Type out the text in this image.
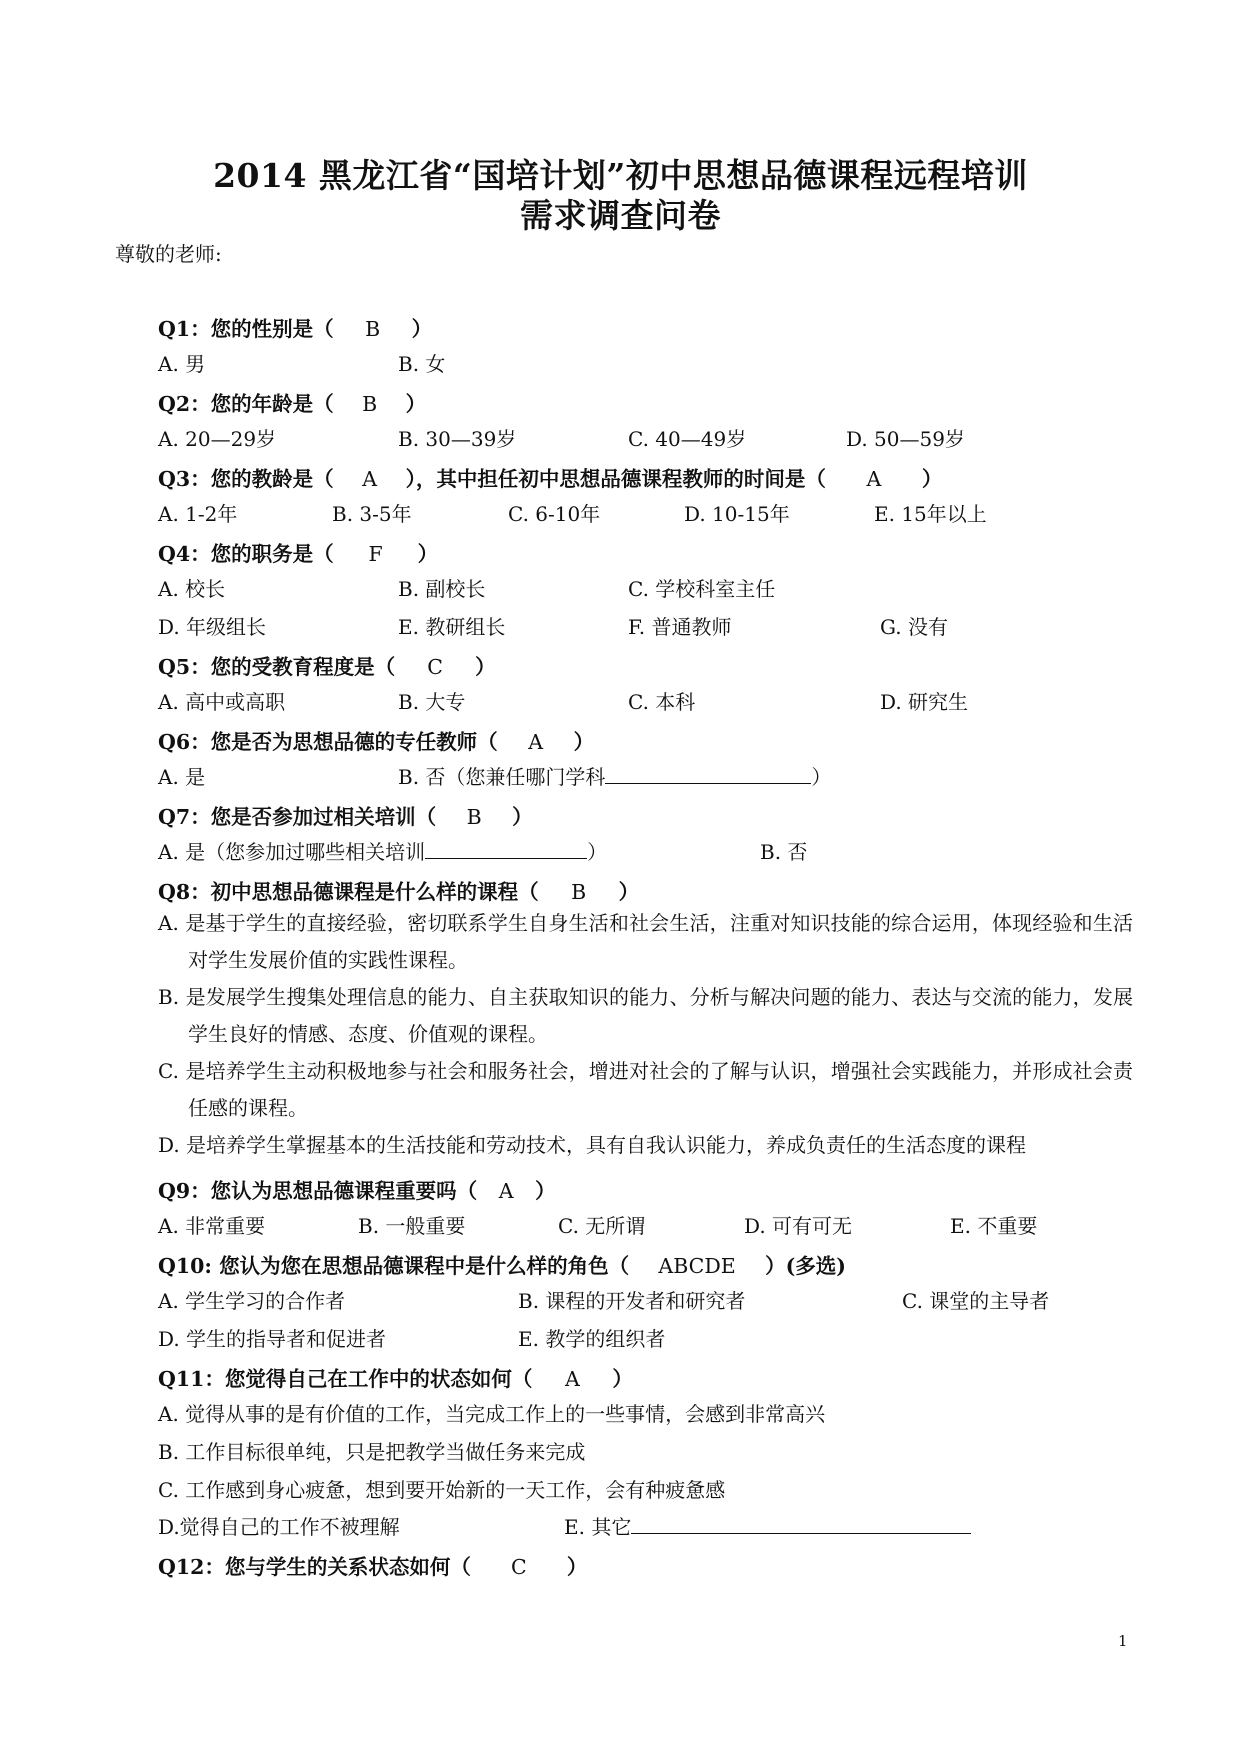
2014 黑龙江省“国培计划”初中思想品德课程远程培训
需求调查问卷
尊敬的老师:
Q1：您的性别是（ B ）
A. 男	B. 女
Q2：您的年龄是（ B ）
A. 20—29岁	B. 30—39岁	C. 40—49岁	D. 50—59岁
Q3：您的教龄是（ A ），其中担任初中思想品德课程教师的时间是（ A ）
A. 1-2年	B. 3-5年	C. 6-10年	D. 10-15年	E. 15年以上
Q4：您的职务是（ F ）
A. 校长	B. 副校长	C. 学校科室主任
D. 年级组长	E. 教研组长	F. 普通教师	G. 没有
Q5：您的受教育程度是（ C ）
A. 高中或高职	B. 大专	C. 本科	D. 研究生
Q6：您是否为思想品德的专任教师（ A ）
A. 是	B. 否（您兼任哪门学科	）
Q7：您是否参加过相关培训（ B ）
A. 是（您参加过哪些相关培训	）	B. 否
Q8：初中思想品德课程是什么样的课程（ B ）
A. 是基于学生的直接经验，密切联系学生自身生活和社会生活，注重对知识技能的综合运用，体现经验和生活对学生发展价值的实践性课程。
B. 是发展学生搜集处理信息的能力、自主获取知识的能力、分析与解决问题的能力、表达与交流的能力，发展学生良好的情感、态度、价值观的课程。
C. 是培养学生主动积极地参与社会和服务社会，增进对社会的了解与认识，增强社会实践能力，并形成社会责任感的课程。
D. 是培养学生掌握基本的生活技能和劳动技术，具有自我认识能力，养成负责任的生活态度的课程
Q9：您认为思想品德课程重要吗（ A ）
A. 非常重要	B. 一般重要	C. 无所谓	D. 可有可无	E. 不重要
Q10: 您认为您在思想品德课程中是什么样的角色（ ABCDE ）(多选)
A. 学生学习的合作者	B. 课程的开发者和研究者	C. 课堂的主导者
D. 学生的指导者和促进者	E. 教学的组织者
Q11：您觉得自己在工作中的状态如何（ A ）
A. 觉得从事的是有价值的工作，当完成工作上的一些事情，会感到非常高兴
B. 工作目标很单纯，只是把教学当做任务来完成
C. 工作感到身心疲惫，想到要开始新的一天工作，会有种疲惫感
D.觉得自己的工作不被理解	E. 其它
Q12：您与学生的关系状态如何（ C ）
1
